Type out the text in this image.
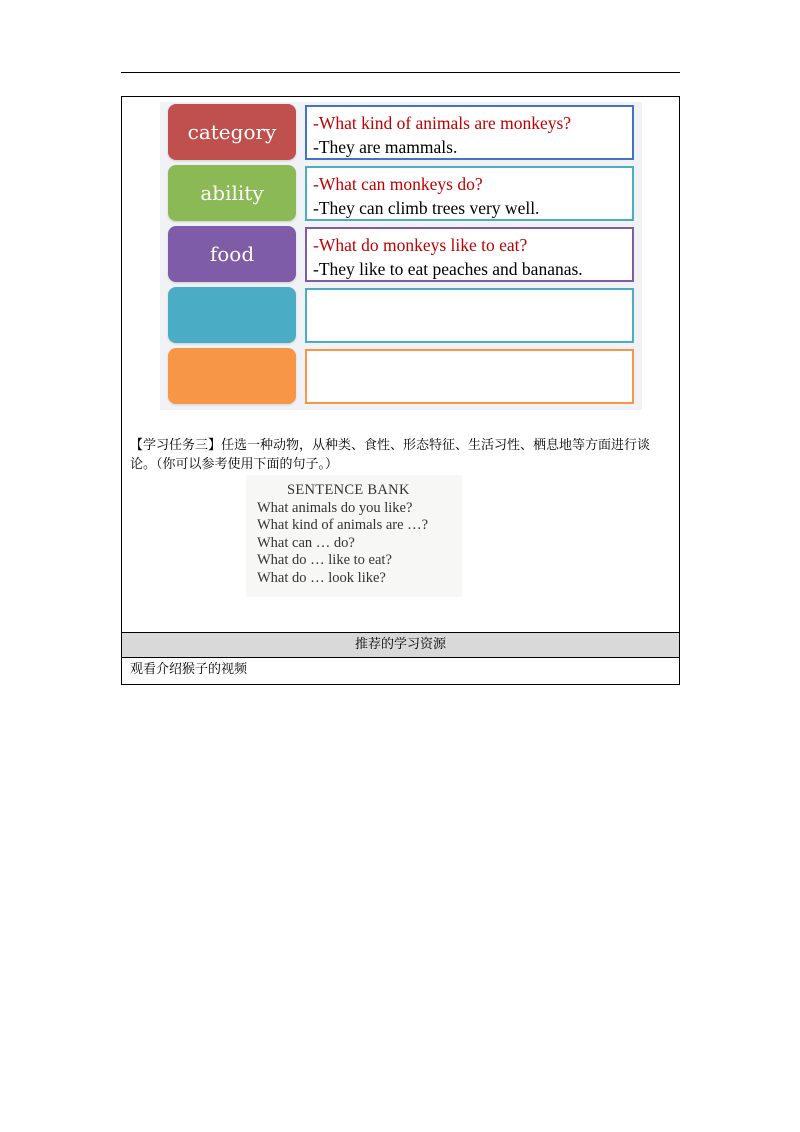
category -What kind of animals are monkeys?
-They are mammals.
ability	-What can monkeys do?
-They can climb trees very well.
food	-What do monkeys like to eat?
-They like to eat peaches and bananas.

【学习任务三】任选一种动物，从种类、食性、形态特征、生活习性、栖息地等方面进行谈论。（你可以参考使用下面的句子。）

SENTENCE BANK
What animals do you like?
What kind of animals are …?
What can … do?
What do … like to eat?
What do … look like?
推荐的学习资源
观看介绍猴子的视频
